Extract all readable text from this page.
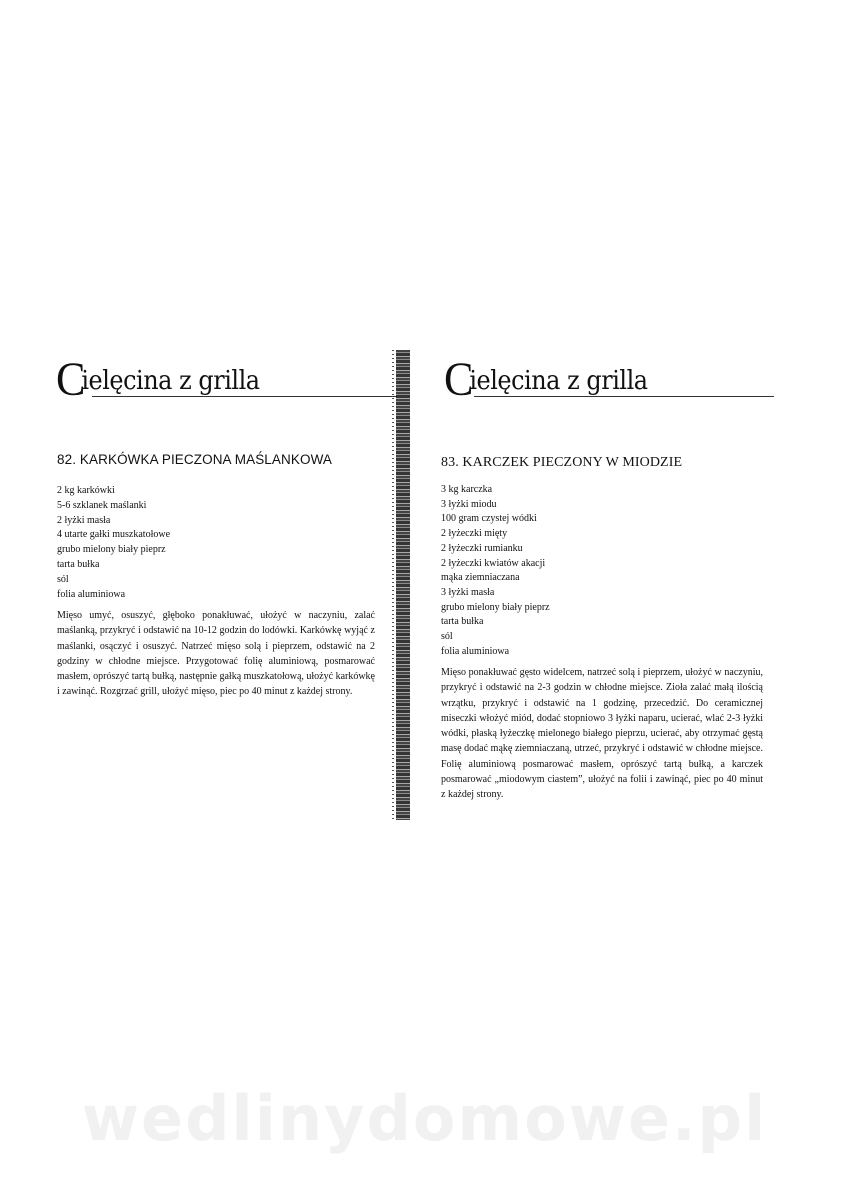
Cielęcina z grilla
82. KARKÓWKA PIECZONA MAŚLANKOWA
2 kg karkówki
5-6 szklanek maślanki
2 łyżki masła
4 utarte gałki muszkatołowe
grubo mielony biały pieprz
tarta bułka
sól
folia aluminiowa

Mięso umyć, osuszyć, głęboko ponakłuwać, ułożyć w naczyniu, zalać maślanką, przykryć i odstawić na 10-12 godzin do lodówki. Karkówkę wyjąć z maślanki, osączyć i osuszyć. Natrzeć mięso solą i pieprzem, odstawić na 2 godziny w chłodne miejsce. Przygotować folię aluminiową, posmarować masłem, oprószyć tartą bułką, następnie gałką muszkatołową, ułożyć karkówkę i zawinąć. Rozgrzać grill, ułożyć mięso, piec po 40 minut z każdej strony.

Cielęcina z grilla
83. KARCZEK PIECZONY W MIODZIE
3 kg karczka
3 łyżki miodu
100 gram czystej wódki
2 łyżeczki mięty
2 łyżeczki rumianku
2 łyżeczki kwiatów akacji
mąka ziemniaczana
3 łyżki masła
grubo mielony biały pieprz
tarta bułka
sól
folia aluminiowa

Mięso ponakłuwać gęsto widelcem, natrzeć solą i pieprzem, ułożyć w naczyniu, przykryć i odstawić na 2-3 godzin w chłodne miejsce. Zioła zalać małą ilością wrzątku, przykryć i odstawić na 1 godzinę, przecedzić. Do ceramicznej miseczki włożyć miód, dodać stopniowo 3 łyżki naparu, ucierać, wlać 2-3 łyżki wódki, płaską łyżeczkę mielonego białego pieprzu, ucierać, aby otrzymać gęstą masę dodać mąkę ziemniaczaną, utrzeć, przykryć i odstawić w chłodne miejsce. Folię aluminiową posmarować masłem, oprószyć tartą bułką, a karczek posmarować „miodowym ciastem”, ułożyć na folii i zawinąć, piec po 40 minut z każdej strony.

wedlinydomowe.pl
